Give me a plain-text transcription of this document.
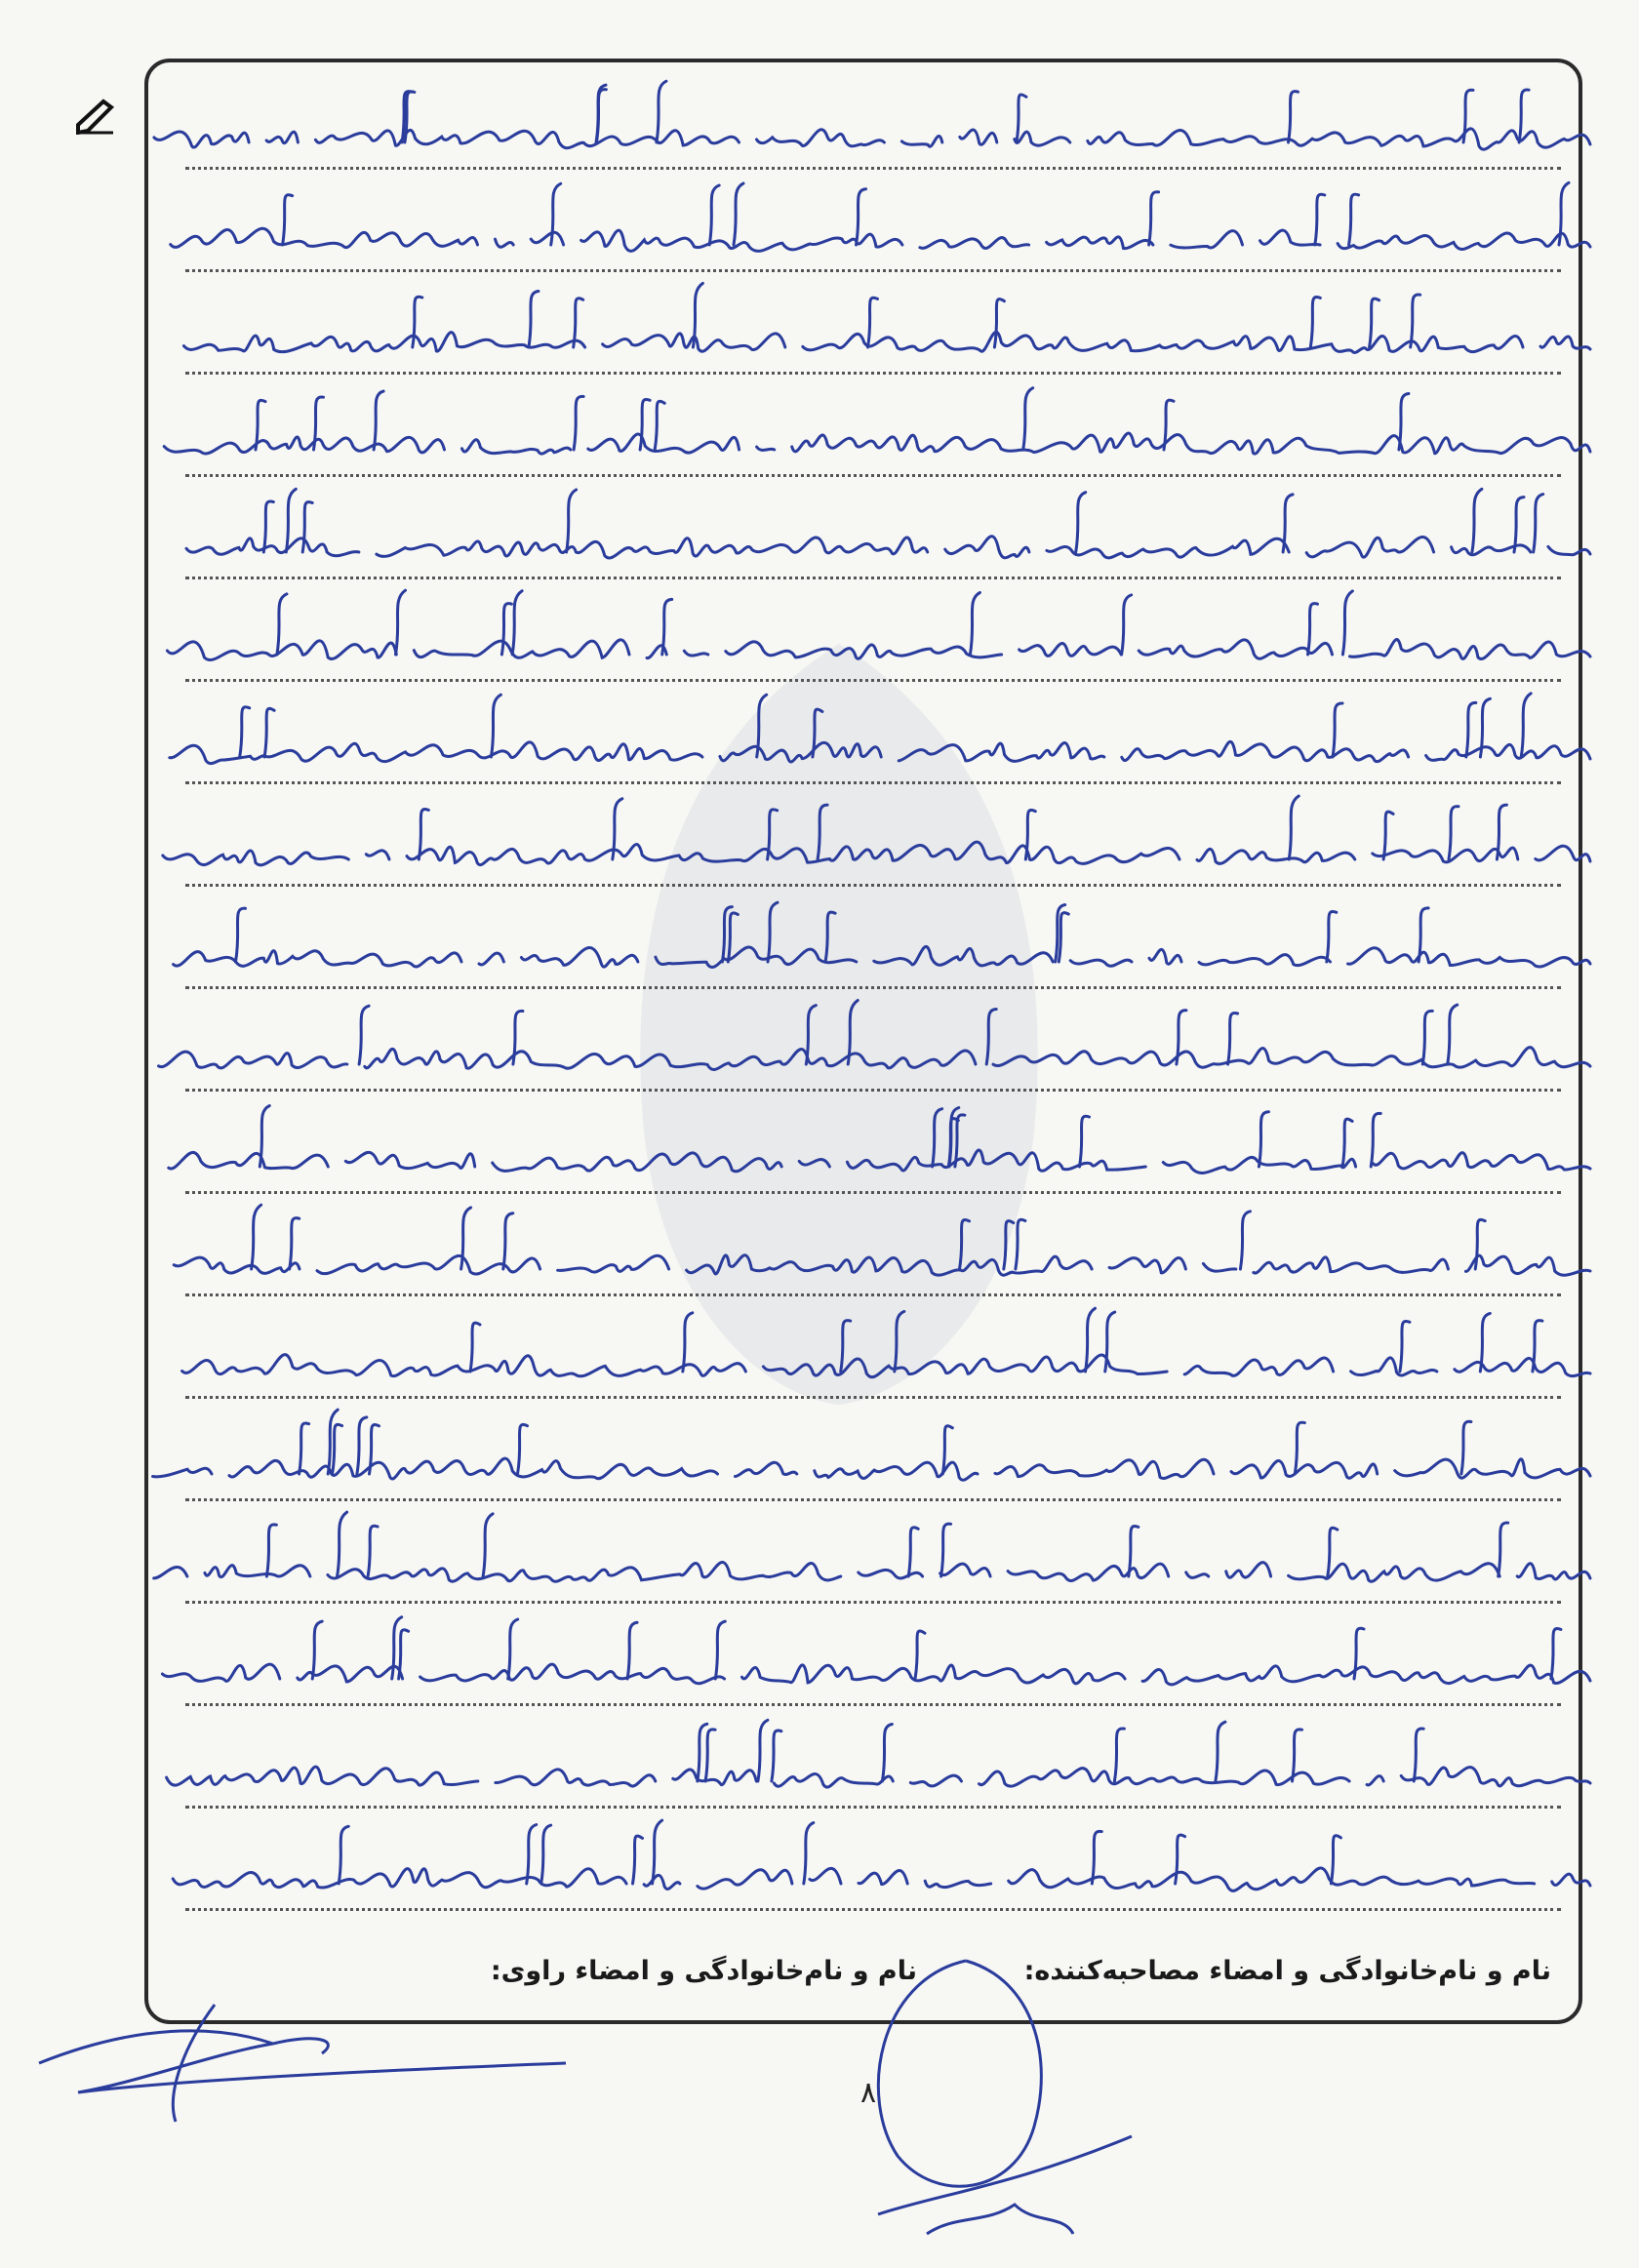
نام و نام‌خانوادگی و امضاء مصاحبه‌کننده:
نام و نام‌خانوادگی و امضاء راوی:
۸
